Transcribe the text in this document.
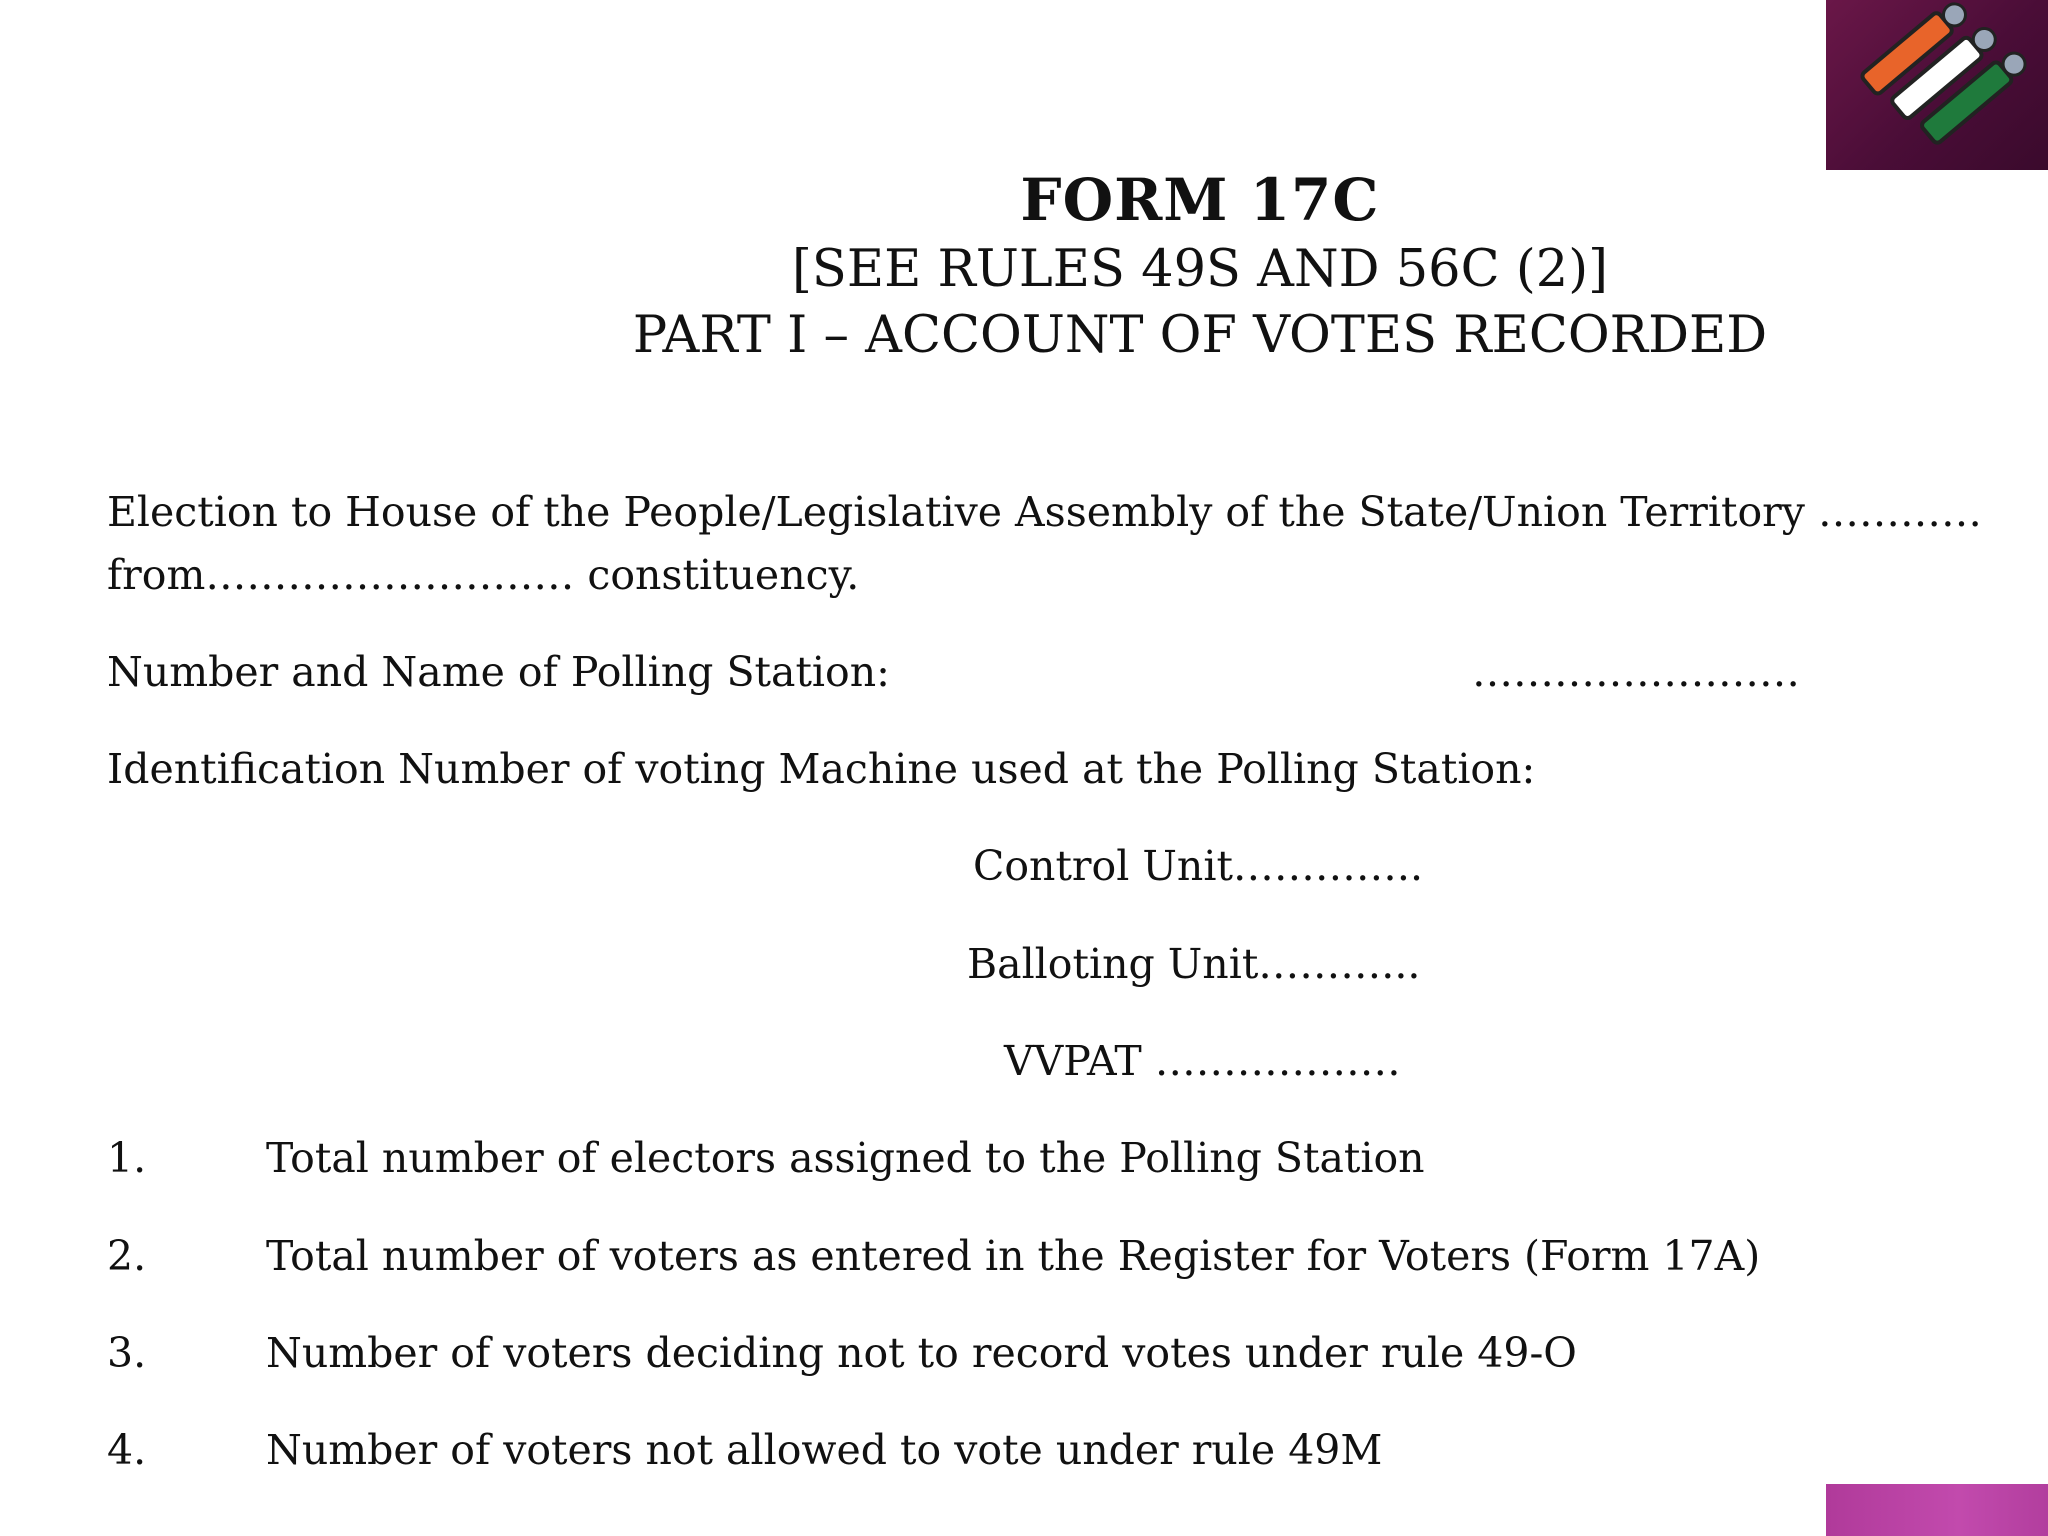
FORM 17C
[SEE RULES 49S AND 56C (2)]
PART I – ACCOUNT OF VOTES RECORDED
Election to House of the People/Legislative Assembly of the State/Union Territory …………
from……………………… constituency.
Number and Name of Polling Station:	……………………
Identification Number of voting Machine used at the Polling Station:
Control Unit…………..
Balloting Unit………...
VVPAT ………………
1.	Total number of electors assigned to the Polling Station
2.	Total number of voters as entered in the Register for Voters (Form 17A)
3.	Number of voters deciding not to record votes under rule 49-O
4.	Number of voters not allowed to vote under rule 49M
